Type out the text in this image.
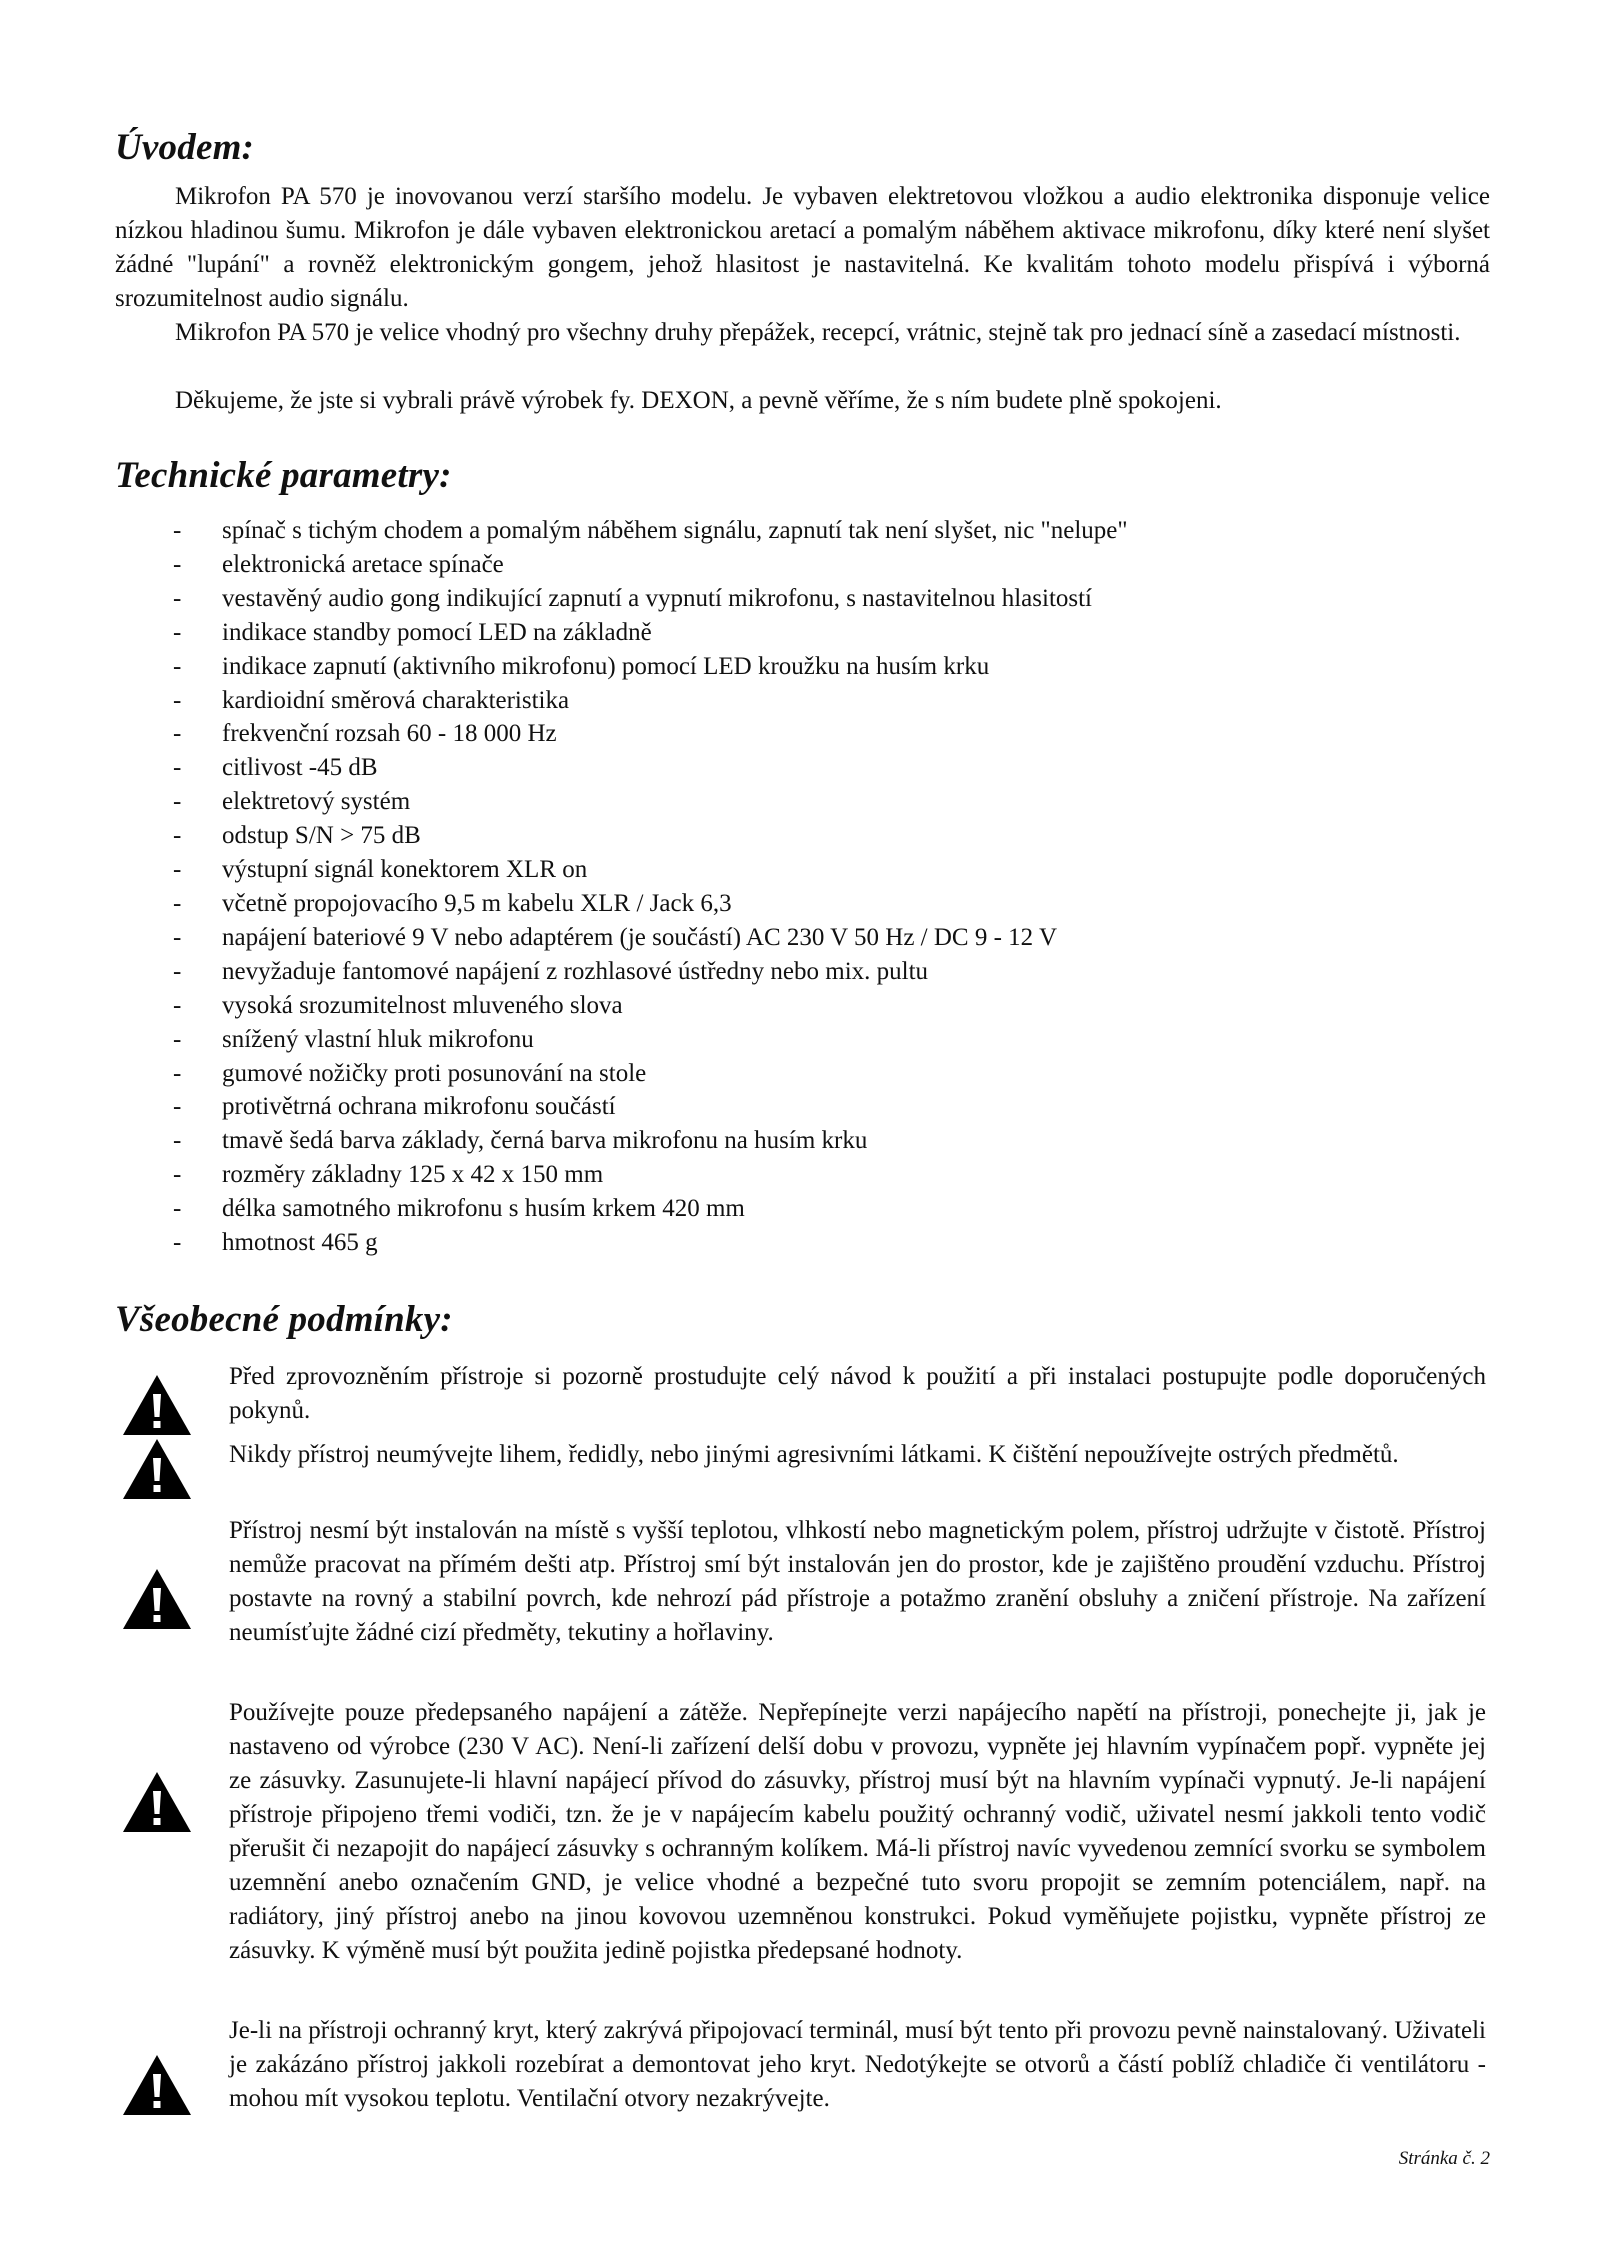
Úvodem:

Mikrofon PA 570 je inovovanou verzí staršího modelu. Je vybaven elektretovou vložkou a audio elektronika disponuje velice nízkou hladinou šumu. Mikrofon je dále vybaven elektronickou aretací a pomalým náběhem aktivace mikrofonu, díky které není slyšet žádné "lupání" a rovněž elektronickým gongem, jehož hlasitost je nastavitelná. Ke kvalitám tohoto modelu přispívá i výborná srozumitelnost audio signálu.

Mikrofon PA 570 je velice vhodný pro všechny druhy přepážek, recepcí, vrátnic, stejně tak pro jednací síně a zasedací místnosti.

Děkujeme, že jste si vybrali právě výrobek fy. DEXON, a pevně věříme, že s ním budete plně spokojeni.

Technické parametry:
- spínač s tichým chodem a pomalým náběhem signálu, zapnutí tak není slyšet, nic "nelupe"
- elektronická aretace spínače
- vestavěný audio gong indikující zapnutí a vypnutí mikrofonu, s nastavitelnou hlasitostí
- indikace standby pomocí LED na základně
- indikace zapnutí (aktivního mikrofonu) pomocí LED kroužku na husím krku
- kardioidní směrová charakteristika
- frekvenční rozsah 60 - 18 000 Hz
- citlivost -45 dB
- elektretový systém
- odstup S/N > 75 dB
- výstupní signál konektorem XLR on
- včetně propojovacího 9,5 m kabelu XLR / Jack 6,3
- napájení bateriové 9 V nebo adaptérem (je součástí) AC 230 V 50 Hz / DC 9 - 12 V
- nevyžaduje fantomové napájení z rozhlasové ústředny nebo mix. pultu
- vysoká srozumitelnost mluveného slova
- snížený vlastní hluk mikrofonu
- gumové nožičky proti posunování na stole
- protivětrná ochrana mikrofonu součástí
- tmavě šedá barva základy, černá barva mikrofonu na husím krku
- rozměry základny 125 x 42 x 150 mm
- délka samotného mikrofonu s husím krkem 420 mm
- hmotnost 465 g
Všeobecné podmínky:

Před zprovozněním přístroje si pozorně prostudujte celý návod k použití a při instalaci postupujte podle doporučených pokynů.

Nikdy přístroj neumývejte lihem, ředidly, nebo jinými agresivními látkami. K čištění nepoužívejte ostrých předmětů.

Přístroj nesmí být instalován na místě s vyšší teplotou, vlhkostí nebo magnetickým polem, přístroj udržujte v čistotě. Přístroj nemůže pracovat na přímém dešti atp. Přístroj smí být instalován jen do prostor, kde je zajištěno proudění vzduchu. Přístroj postavte na rovný a stabilní povrch, kde nehrozí pád přístroje a potažmo zranění obsluhy a zničení přístroje. Na zařízení neumísťujte žádné cizí předměty, tekutiny a hořlaviny.

Používejte pouze předepsaného napájení a zátěže. Nepřepínejte verzi napájecího napětí na přístroji, ponechejte ji, jak je nastaveno od výrobce (230 V AC). Není-li zařízení delší dobu v provozu, vypněte jej hlavním vypínačem popř. vypněte jej ze zásuvky. Zasunujete-li hlavní napájecí přívod do zásuvky, přístroj musí být na hlavním vypínači vypnutý. Je-li napájení přístroje připojeno třemi vodiči, tzn. že je v napájecím kabelu použitý ochranný vodič, uživatel nesmí jakkoli tento vodič přerušit či nezapojit do napájecí zásuvky s ochranným kolíkem. Má-li přístroj navíc vyvedenou zemnící svorku se symbolem uzemnění anebo označením GND, je velice vhodné a bezpečné tuto svoru propojit se zemním potenciálem, např. na radiátory, jiný přístroj anebo na jinou kovovou uzemněnou konstrukci. Pokud vyměňujete pojistku, vypněte přístroj ze zásuvky. K výměně musí být použita jedině pojistka předepsané hodnoty.

Je-li na přístroji ochranný kryt, který zakrývá připojovací terminál, musí být tento při provozu pevně nainstalovaný. Uživateli je zakázáno přístroj jakkoli rozebírat a demontovat jeho kryt. Nedotýkejte se otvorů a částí poblíž chladiče či ventilátoru - mohou mít vysokou teplotu. Ventilační otvory nezakrývejte.

Stránka č. 2
